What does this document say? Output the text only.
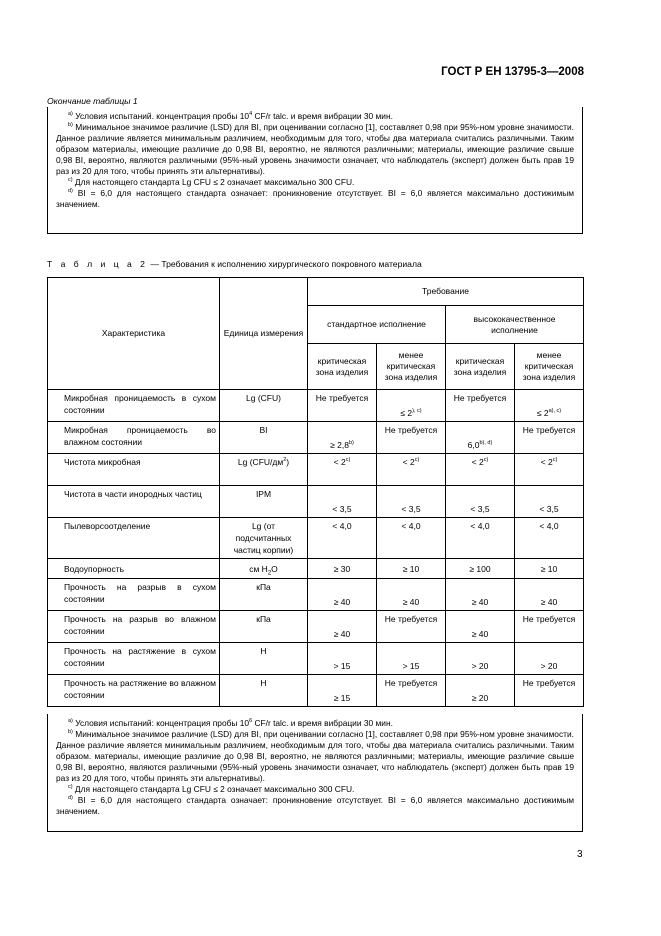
ГОСТ Р ЕН 13795-3—2008
Окончание таблицы 1

$^{a)}$ Условия испытаний. концентрация пробы $10^4$ CF/r talc. и время вибрации 30 мин.

$^{b)}$ Минимальное значимое различие (LSD) для BI, при оценивании согласно [1], составляет 0,98 при 95%-ном уровне значимости. Данное различие является минимальным различием, необходимым для того, чтобы два материала считались различными. Таким образом материалы, имеющие различие до 0,98 BI, вероятно, не являются различными; материалы, имеющие различие свыше 0,98 BI, вероятно, являются различными (95%-ный уровень значимости означает, что наблюдатель (эксперт) должен быть прав 19 раз из 20 для того, чтобы принять эти альтернативы).

$^{c)}$ Для настоящего стандарта Lg CFU ≤ 2 означает максимально 300 CFU.

$^{d)}$ BI = 6,0 для настоящего стандарта означает: проникновение отсутствует. BI = 6,0 является максимально достижимым значением.

Т а б л и ц а 2 — Требования к исполнению хирургического покровного материала
Характеристика	Единица измерения	Требование			
		стандартное исполнение		высококачественное исполнение	
		критическая зона изделия	менее критическая зона изделия	критическая зона изделия	менее критическая зона изделия
Микробная проницаемость в сухом состоянии	Lg (CFU)	Не требуется	≤ $2^{), c)}$	Не требуется	≤ $2^{a), c)}$
Микробная проницаемость во влажном состоянии	BI	≥ $2,8^{b)}$	Не требуется	$6,0^{b), d)}$	Не требуется
Чистота микробная	Lg $(CFU/дм^2)$	< $2^{c)}$	< $2^{c)}$	< $2^{c)}$	< $2^{c)}$
Чистота в части инородных частиц	IPM	< 3,5	< 3,5	< 3,5	< 3,5
Пылеворсоотделение	Lg (от подсчитанных частиц корпии)	< 4,0	< 4,0	< 4,0	< 4,0
Водоупорность	см $H_2O$	≥ 30	≥ 10	≥ 100	≥ 10
Прочность на разрыв в сухом состоянии	кПа	≥ 40	≥ 40	≥ 40	≥ 40
Прочность на разрыв во влажном состоянии	кПа	≥ 40	Не требуется	≥ 40	Не требуется
Прочность на растяжение в сухом состоянии	Н	> 15	> 15	> 20	> 20
Прочность на растяжение во влажном состоянии	Н	≥ 15	Не требуется	≥ 20	Не требуется

$^{a)}$ Условия испытаний: концентрация пробы $10^6$ CF/r talc. и время вибрации 30 мин.

$^{b)}$ Минимальное значимое различие (LSD) для BI, при оценивании согласно [1], составляет 0,98 при 95%-ном уровне значимости. Данное различие является минимальным различием, необходимым для того, чтобы два материала считались различными. Таким образом. материалы, имеющие различие до 0,98 BI, вероятно, не являются различными; материалы, имеющие различие свыше 0,98 BI, вероятно, являются различными (95%-ный уровень значимости означает, что наблюдатель (эксперт) должен быть прав 19 раз из 20 для того, чтобы принять эти альтернативы).

$^{c)}$ Для настоящего стандарта Lg CFU ≤ 2 означает максимально 300 CFU.

$^{d)}$ BI = 6,0 для настоящего стандарта означает: проникновение отсутствует. BI = 6,0 является максимально достижимым значением.

3
